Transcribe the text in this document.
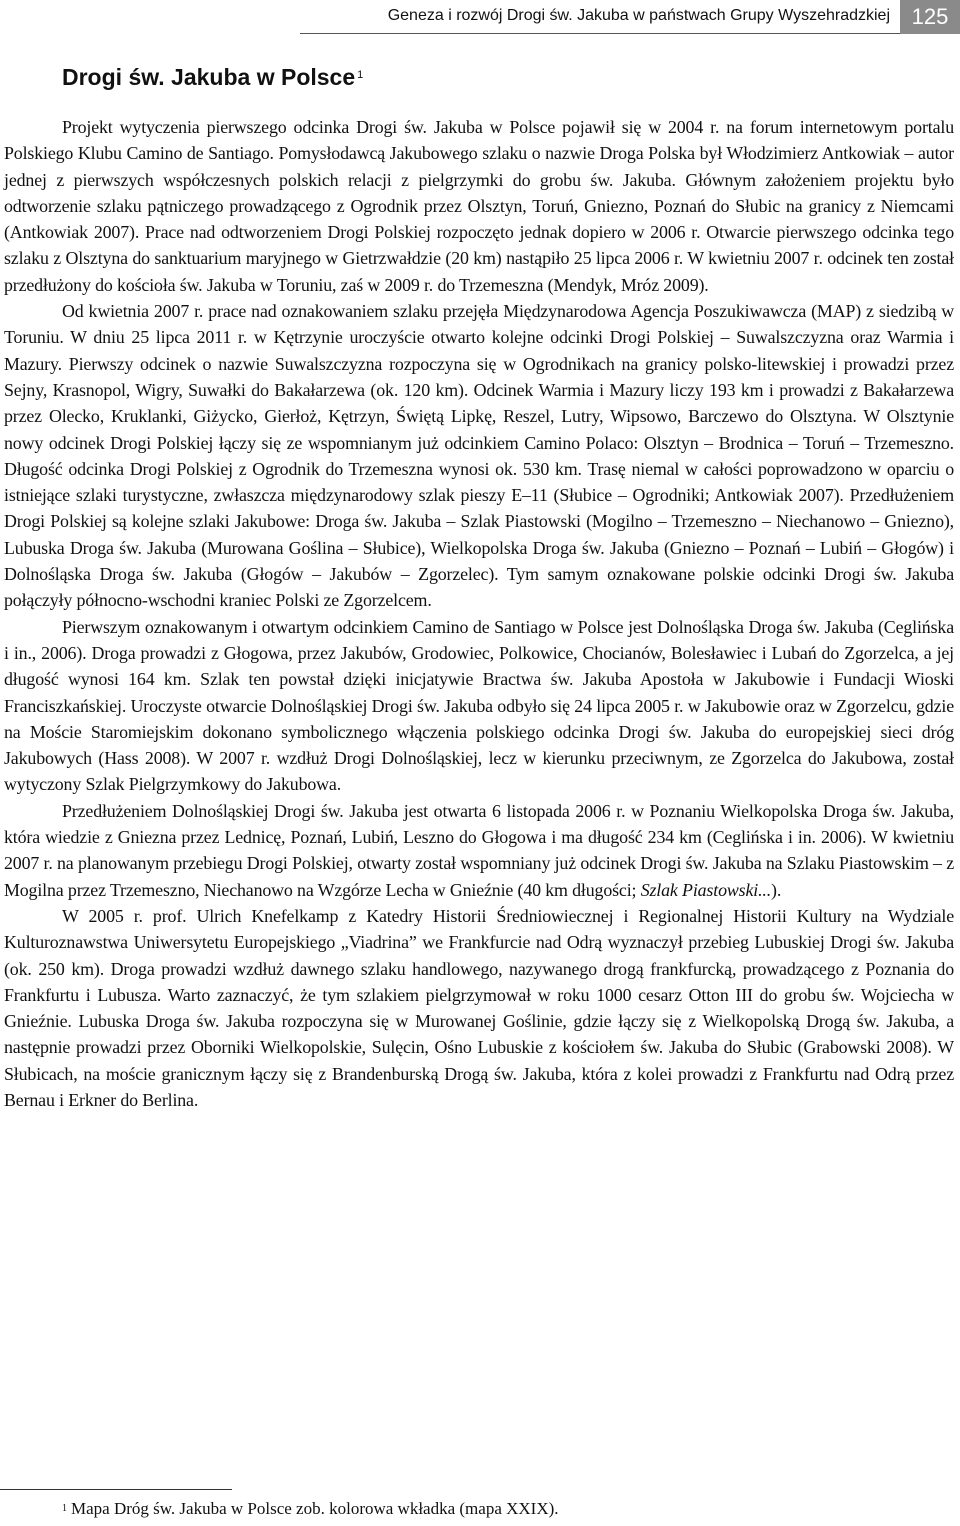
Geneza i rozwój Drogi św. Jakuba w państwach Grupy Wyszehradzkiej 125
Drogi św. Jakuba w Polsce $^1$

Projekt wytyczenia pierwszego odcinka Drogi św. Jakuba w Polsce pojawił się w 2004 r. na forum internetowym portalu Polskiego Klubu Camino de Santiago. Pomysłodawcą Jakubowego szlaku o nazwie Droga Polska był Włodzimierz Antkowiak – autor jednej z pierwszych współczesnych polskich relacji z pielgrzymki do grobu św. Jakuba. Głównym założeniem projektu było odtworzenie szlaku pątniczego prowadzącego z Ogrodnik przez Olsztyn, Toruń, Gniezno, Poznań do Słubic na granicy z Niemcami (Antkowiak 2007). Prace nad odtworzeniem Drogi Polskiej rozpoczęto jednak dopiero w 2006 r. Otwarcie pierwszego odcinka tego szlaku z Olsztyna do sanktuarium maryjnego w Gietrzwałdzie (20 km) nastąpiło 25 lipca 2006 r. W kwietniu 2007 r. odcinek ten został przedłużony do kościoła św. Jakuba w Toruniu, zaś w 2009 r. do Trzemeszna (Mendyk, Mróz 2009).

Od kwietnia 2007 r. prace nad oznakowaniem szlaku przejęła Międzynarodowa Agencja Poszukiwawcza (MAP) z siedzibą w Toruniu. W dniu 25 lipca 2011 r. w Kętrzynie uroczyście otwarto kolejne odcinki Drogi Polskiej – Suwalszczyzna oraz Warmia i Mazury. Pierwszy odcinek o nazwie Suwalszczyzna rozpoczyna się w Ogrodnikach na granicy polsko-litewskiej i prowadzi przez Sejny, Krasnopol, Wigry, Suwałki do Bakałarzewa (ok. 120 km). Odcinek Warmia i Mazury liczy 193 km i prowadzi z Bakałarzewa przez Olecko, Kruklanki, Giżycko, Gierłoż, Kętrzyn, Świętą Lipkę, Reszel, Lutry, Wipsowo, Barczewo do Olsztyna. W Olsztynie nowy odcinek Drogi Polskiej łączy się ze wspomnianym już odcinkiem Camino Polaco: Olsztyn – Brodnica – Toruń – Trzemeszno. Długość odcinka Drogi Polskiej z Ogrodnik do Trzemeszna wynosi ok. 530 km. Trasę niemal w całości poprowadzono w oparciu o istniejące szlaki turystyczne, zwłaszcza międzynarodowy szlak pieszy E–11 (Słubice – Ogrodniki; Antkowiak 2007). Przedłużeniem Drogi Polskiej są kolejne szlaki Jakubowe: Droga św. Jakuba – Szlak Piastowski (Mogilno – Trzemeszno – Niechanowo – Gniezno), Lubuska Droga św. Jakuba (Murowana Goślina – Słubice), Wielkopolska Droga św. Jakuba (Gniezno – Poznań – Lubiń – Głogów) i Dolnośląska Droga św. Jakuba (Głogów – Jakubów – Zgorzelec). Tym samym oznakowane polskie odcinki Drogi św. Jakuba połączyły północno-wschodni kraniec Polski ze Zgorzelcem.

Pierwszym oznakowanym i otwartym odcinkiem Camino de Santiago w Polsce jest Dolnośląska Droga św. Jakuba (Ceglińska i in., 2006). Droga prowadzi z Głogowa, przez Jakubów, Grodowiec, Polkowice, Chocianów, Bolesławiec i Lubań do Zgorzelca, a jej długość wynosi 164 km. Szlak ten powstał dzięki inicjatywie Bractwa św. Jakuba Apostoła w Jakubowie i Fundacji Wioski Franciszkańskiej. Uroczyste otwarcie Dolnośląskiej Drogi św. Jakuba odbyło się 24 lipca 2005 r. w Jakubowie oraz w Zgorzelcu, gdzie na Moście Staromiejskim dokonano symbolicznego włączenia polskiego odcinka Drogi św. Jakuba do europejskiej sieci dróg Jakubowych (Hass 2008). W 2007 r. wzdłuż Drogi Dolnośląskiej, lecz w kierunku przeciwnym, ze Zgorzelca do Jakubowa, został wytyczony Szlak Pielgrzymkowy do Jakubowa.

Przedłużeniem Dolnośląskiej Drogi św. Jakuba jest otwarta 6 listopada 2006 r. w Poznaniu Wielkopolska Droga św. Jakuba, która wiedzie z Gniezna przez Lednicę, Poznań, Lubiń, Leszno do Głogowa i ma długość 234 km (Ceglińska i in. 2006). W kwietniu 2007 r. na planowanym przebiegu Drogi Polskiej, otwarty został wspomniany już odcinek Drogi św. Jakuba na Szlaku Piastowskim – z Mogilna przez Trzemeszno, Niechanowo na Wzgórze Lecha w Gnieźnie (40 km długości; Szlak Piastowski...).

W 2005 r. prof. Ulrich Knefelkamp z Katedry Historii Średniowiecznej i Regionalnej Historii Kultury na Wydziale Kulturoznawstwa Uniwersytetu Europejskiego „Viadrina” we Frankfurcie nad Odrą wyznaczył przebieg Lubuskiej Drogi św. Jakuba (ok. 250 km). Droga prowadzi wzdłuż dawnego szlaku handlowego, nazywanego drogą frankfurcką, prowadzącego z Poznania do Frankfurtu i Lubusza. Warto zaznaczyć, że tym szlakiem pielgrzymował w roku 1000 cesarz Otton III do grobu św. Wojciecha w Gnieźnie. Lubuska Droga św. Jakuba rozpoczyna się w Murowanej Goślinie, gdzie łączy się z Wielkopolską Drogą św. Jakuba, a następnie prowadzi przez Oborniki Wielkopolskie, Sulęcin, Ośno Lubuskie z kościołem św. Jakuba do Słubic (Grabowski 2008). W Słubicach, na moście granicznym łączy się z Brandenburską Drogą św. Jakuba, która z kolei prowadzi z Frankfurtu nad Odrą przez Bernau i Erkner do Berlina.

$^1$ Mapa Dróg św. Jakuba w Polsce zob. kolorowa wkładka (mapa XXIX).
